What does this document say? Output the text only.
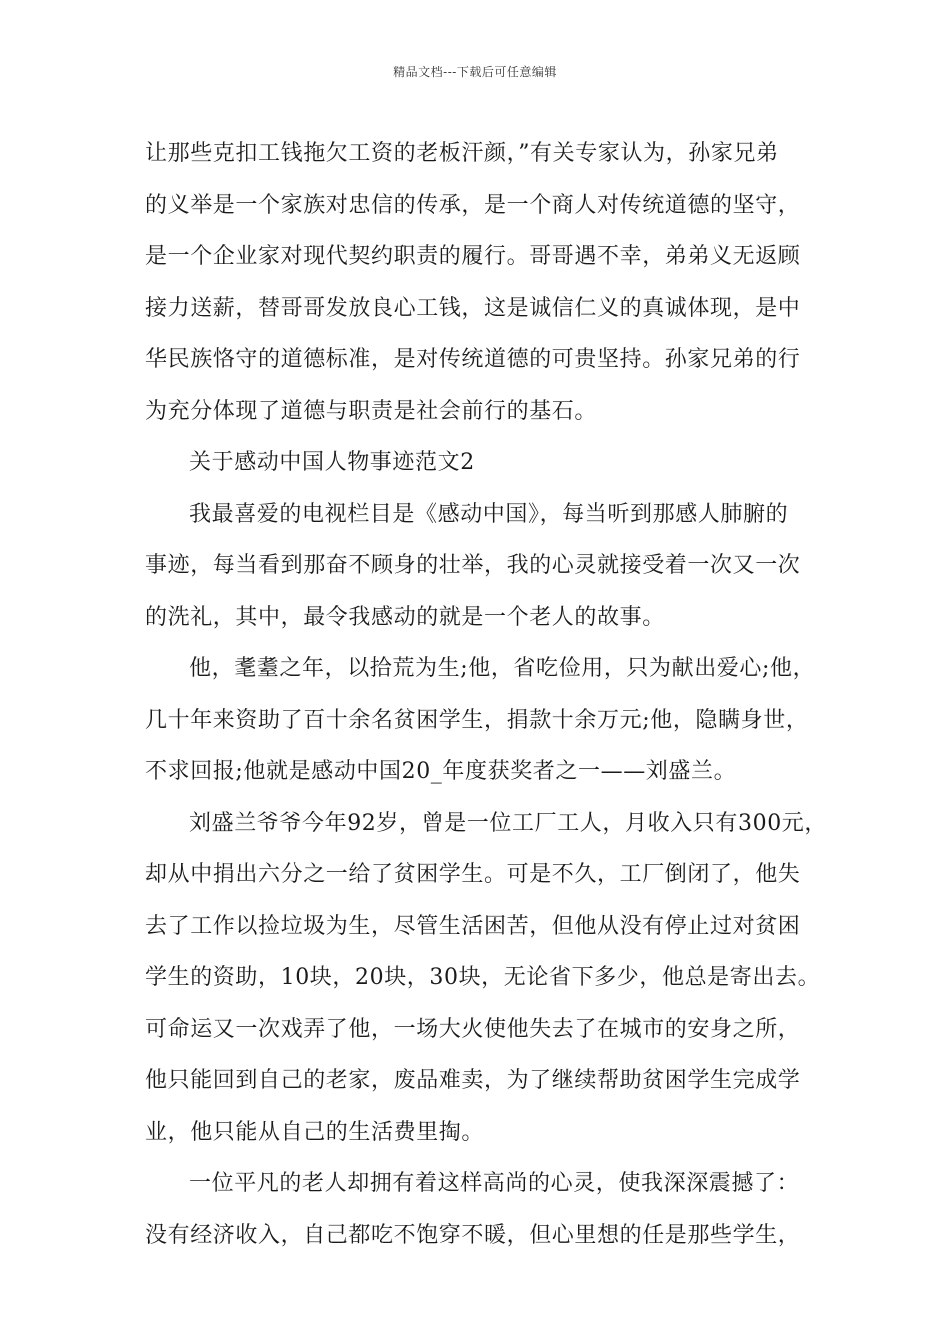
精品文档---下载后可任意编辑
让那些克扣工钱拖欠工资的老板汗颜，”有关专家认为，孙家兄弟
的义举是一个家族对忠信的传承，是一个商人对传统道德的坚守，
是一个企业家对现代契约职责的履行。哥哥遇不幸，弟弟义无返顾
接力送薪，替哥哥发放良心工钱，这是诚信仁义的真诚体现，是中
华民族恪守的道德标准，是对传统道德的可贵坚持。孙家兄弟的行
为充分体现了道德与职责是社会前行的基石。
关于感动中国人物事迹范文2
我最喜爱的电视栏目是《感动中国》，每当听到那感人肺腑的
事迹，每当看到那奋不顾身的壮举，我的心灵就接受着一次又一次
的洗礼，其中，最令我感动的就是一个老人的故事。
他，耄耋之年，以拾荒为生;他，省吃俭用，只为献出爱心;他，
几十年来资助了百十余名贫困学生，捐款十余万元;他，隐瞒身世，
不求回报;他就是感动中国20_年度获奖者之一——刘盛兰。
刘盛兰爷爷今年92岁，曾是一位工厂工人，月收入只有300元，
却从中捐出六分之一给了贫困学生。可是不久，工厂倒闭了，他失
去了工作以捡垃圾为生，尽管生活困苦，但他从没有停止过对贫困
学生的资助，10块，20块，30块，无论省下多少，他总是寄出去。
可命运又一次戏弄了他，一场大火使他失去了在城市的安身之所，
他只能回到自己的老家，废品难卖，为了继续帮助贫困学生完成学
业，他只能从自己的生活费里掏。
一位平凡的老人却拥有着这样高尚的心灵，使我深深震撼了：
没有经济收入，自己都吃不饱穿不暖，但心里想的任是那些学生，
